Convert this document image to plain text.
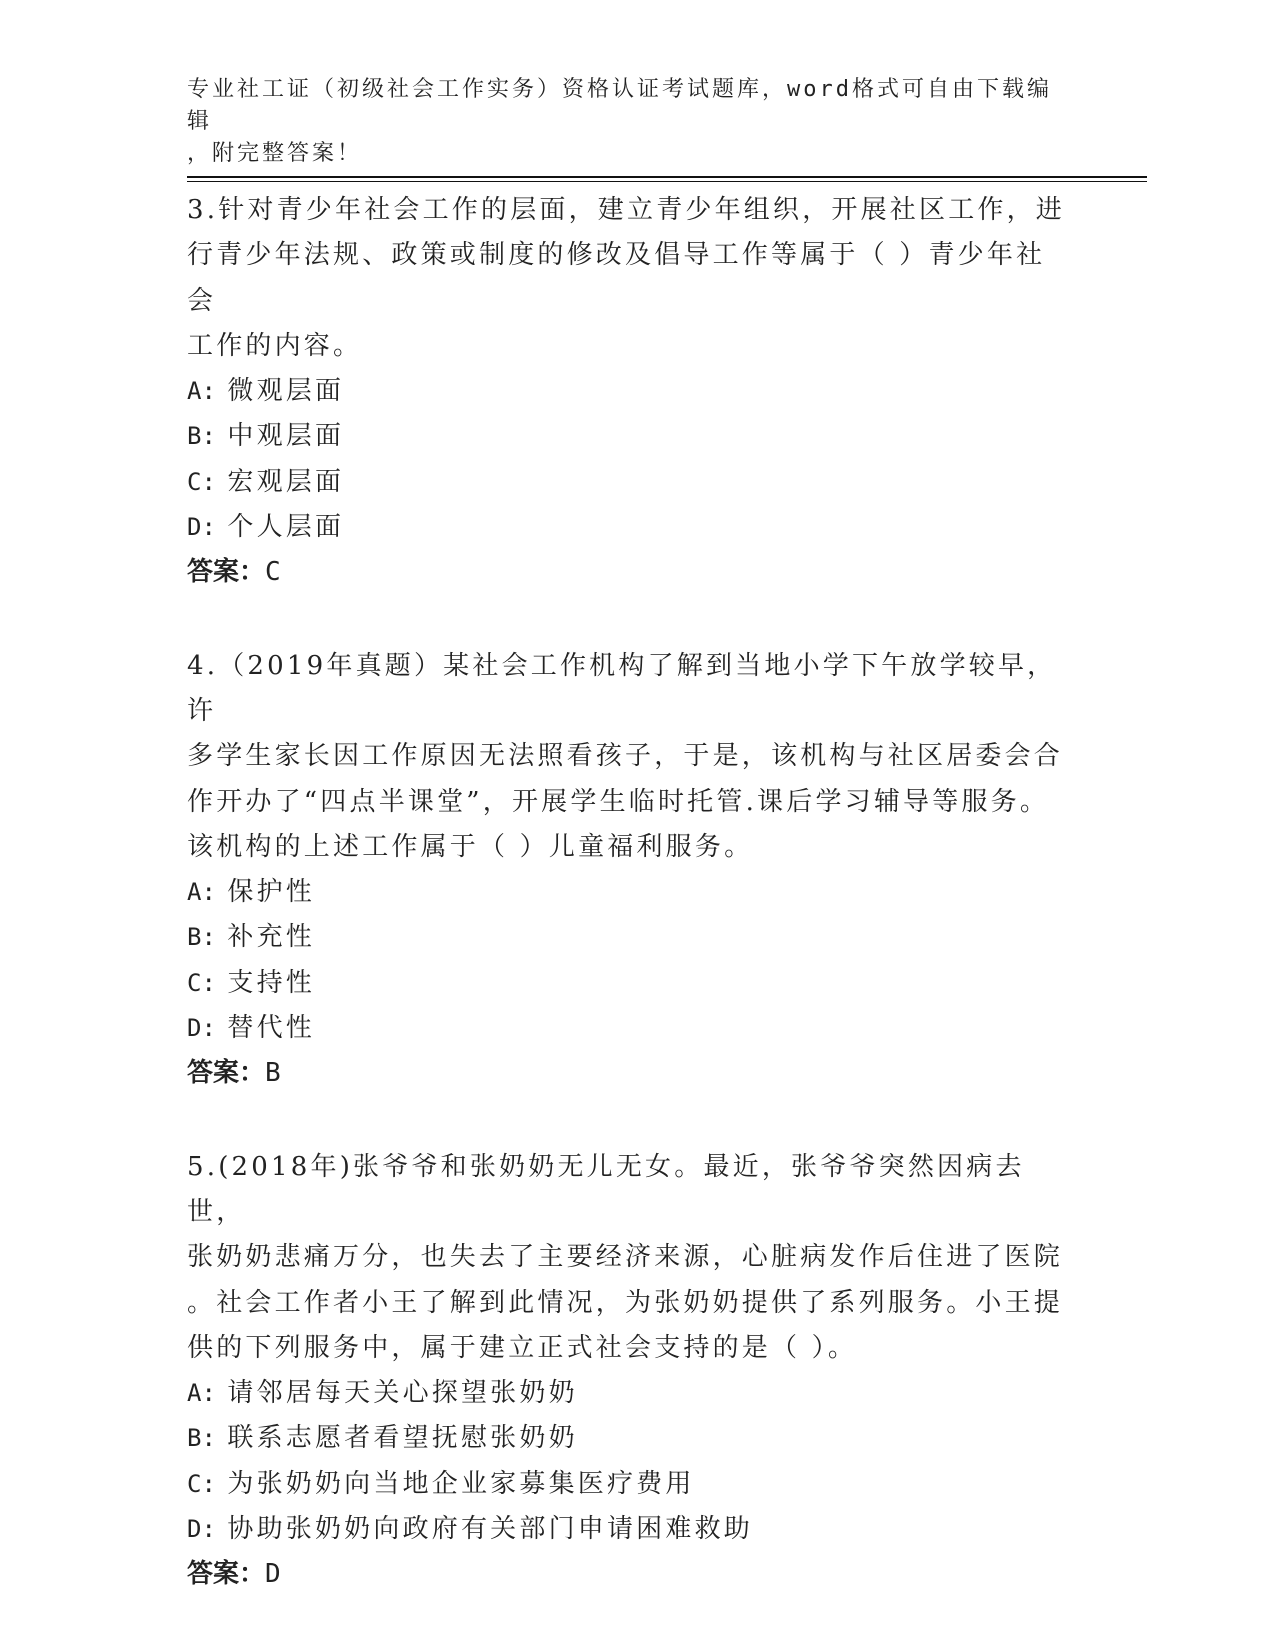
专业社工证（初级社会工作实务）资格认证考试题库，word格式可自由下载编辑
，附完整答案！

3.针对青少年社会工作的层面，建立青少年组织，开展社区工作，进
行青少年法规、政策或制度的修改及倡导工作等属于（ ）青少年社会
工作的内容。

A: 微观层面

B: 中观层面

C: 宏观层面

D: 个人层面

答案：C

4.（2019年真题）某社会工作机构了解到当地小学下午放学较早，许
多学生家长因工作原因无法照看孩子，于是，该机构与社区居委会合
作开办了“四点半课堂”，开展学生临时托管.课后学习辅导等服务。
该机构的上述工作属于（ ）儿童福利服务。

A: 保护性

B: 补充性

C: 支持性

D: 替代性

答案：B

5.(2018年)张爷爷和张奶奶无儿无女。最近，张爷爷突然因病去世，
张奶奶悲痛万分，也失去了主要经济来源，心脏病发作后住进了医院
。社会工作者小王了解到此情况，为张奶奶提供了系列服务。小王提
供的下列服务中，属于建立正式社会支持的是（ ）。

A: 请邻居每天关心探望张奶奶

B: 联系志愿者看望抚慰张奶奶

C: 为张奶奶向当地企业家募集医疗费用

D: 协助张奶奶向政府有关部门申请困难救助

答案：D
